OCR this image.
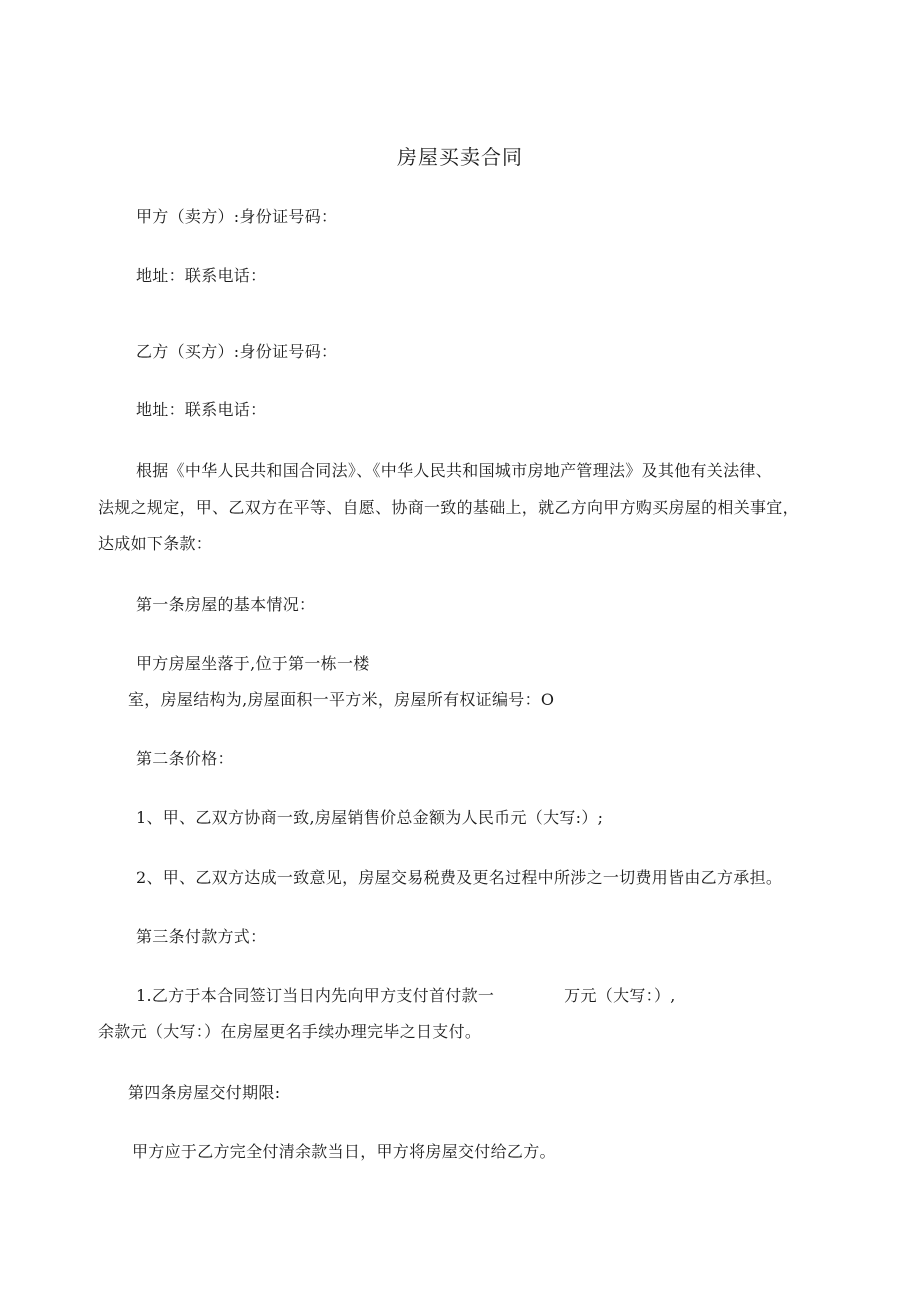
房屋买卖合同
甲方（卖方）:身份证号码：
地址：联系电话：
乙方（买方）:身份证号码：
地址：联系电话：
根据《中华人民共和国合同法》、《中华人民共和国城市房地产管理法》及其他有关法律、
法规之规定，甲、乙双方在平等、自愿、协商一致的基础上，就乙方向甲方购买房屋的相关事宜，
达成如下条款：
第一条房屋的基本情况：
甲方房屋坐落于,位于第一栋一楼
室，房屋结构为,房屋面积一平方米，房屋所有权证编号：O
第二条价格：
1、甲、乙双方协商一致,房屋销售价总金额为人民币元（大写:）;
2、甲、乙双方达成一致意见，房屋交易税费及更名过程中所涉之一切费用皆由乙方承担。
第三条付款方式：
1.乙方于本合同签订当日内先向甲方支付首付款一	万元（大写：）,
余款元（大写：）在房屋更名手续办理完毕之日支付。
第四条房屋交付期限:
甲方应于乙方完全付清余款当日，甲方将房屋交付给乙方。
